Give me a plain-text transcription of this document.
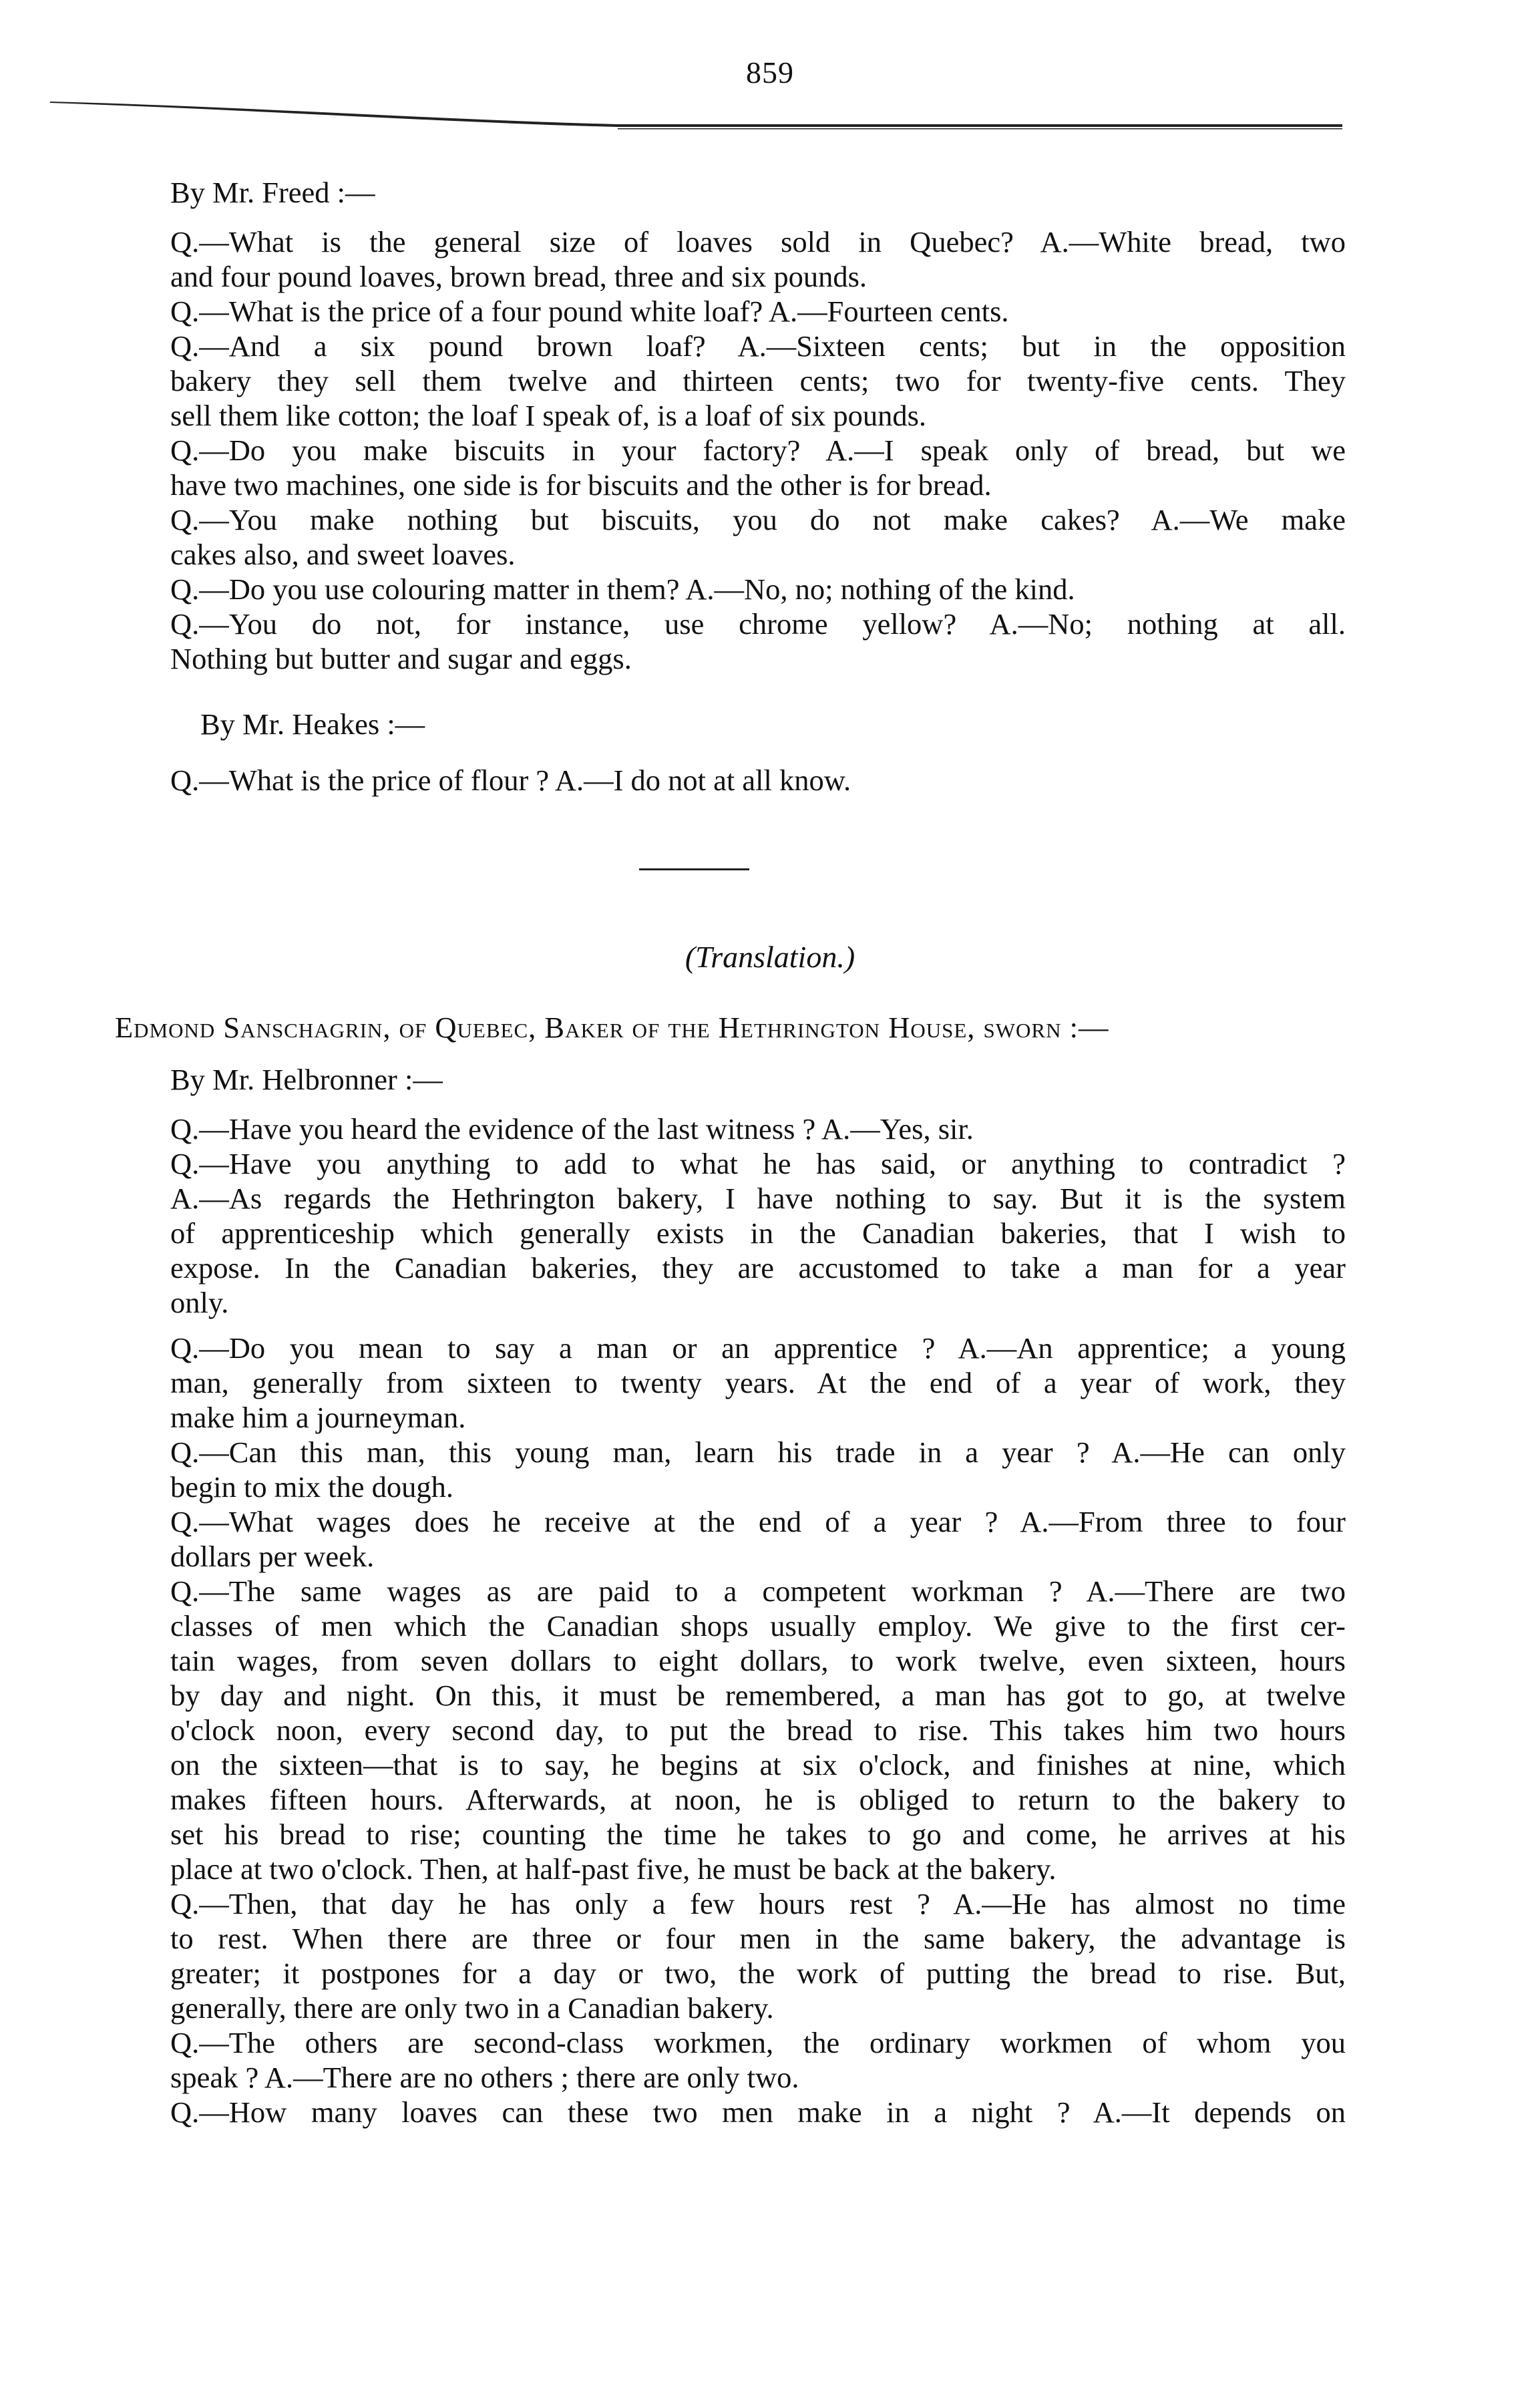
859
By Mr. Freed :—
Q.—What is the general size of loaves sold in Quebec? A.—White bread, two
and four pound loaves, brown bread, three and six pounds.
Q.—What is the price of a four pound white loaf? A.—Fourteen cents.
Q.—And a six pound brown loaf? A.—Sixteen cents; but in the opposition
bakery they sell them twelve and thirteen cents; two for twenty-five cents. They
sell them like cotton; the loaf I speak of, is a loaf of six pounds.
Q.—Do you make biscuits in your factory? A.—I speak only of bread, but we
have two machines, one side is for biscuits and the other is for bread.
Q.—You make nothing but biscuits, you do not make cakes? A.—We make
cakes also, and sweet loaves.
Q.—Do you use colouring matter in them? A.—No, no; nothing of the kind.
Q.—You do not, for instance, use chrome yellow? A.—No; nothing at all.
Nothing but butter and sugar and eggs.
By Mr. Heakes :—
Q.—What is the price of flour ? A.—I do not at all know.
(Translation.)
Edmond Sanschagrin, of Quebec, Baker of the Hethrington House, sworn :—
By Mr. Helbronner :—
Q.—Have you heard the evidence of the last witness ? A.—Yes, sir.
Q.—Have you anything to add to what he has said, or anything to contradict ?
A.—As regards the Hethrington bakery, I have nothing to say. But it is the system
of apprenticeship which generally exists in the Canadian bakeries, that I wish to
expose. In the Canadian bakeries, they are accustomed to take a man for a year
only.
Q.—Do you mean to say a man or an apprentice ? A.—An apprentice; a young
man, generally from sixteen to twenty years. At the end of a year of work, they
make him a journeyman.
Q.—Can this man, this young man, learn his trade in a year ? A.—He can only
begin to mix the dough.
Q.—What wages does he receive at the end of a year ? A.—From three to four
dollars per week.
Q.—The same wages as are paid to a competent workman ? A.—There are two
classes of men which the Canadian shops usually employ. We give to the first cer-
tain wages, from seven dollars to eight dollars, to work twelve, even sixteen, hours
by day and night. On this, it must be remembered, a man has got to go, at twelve
o'clock noon, every second day, to put the bread to rise. This takes him two hours
on the sixteen—that is to say, he begins at six o'clock, and finishes at nine, which
makes fifteen hours. Afterwards, at noon, he is obliged to return to the bakery to
set his bread to rise; counting the time he takes to go and come, he arrives at his
place at two o'clock. Then, at half-past five, he must be back at the bakery.
Q.—Then, that day he has only a few hours rest ? A.—He has almost no time
to rest. When there are three or four men in the same bakery, the advantage is
greater; it postpones for a day or two, the work of putting the bread to rise. But,
generally, there are only two in a Canadian bakery.
Q.—The others are second-class workmen, the ordinary workmen of whom you
speak ? A.—There are no others ; there are only two.
Q.—How many loaves can these two men make in a night ? A.—It depends on
